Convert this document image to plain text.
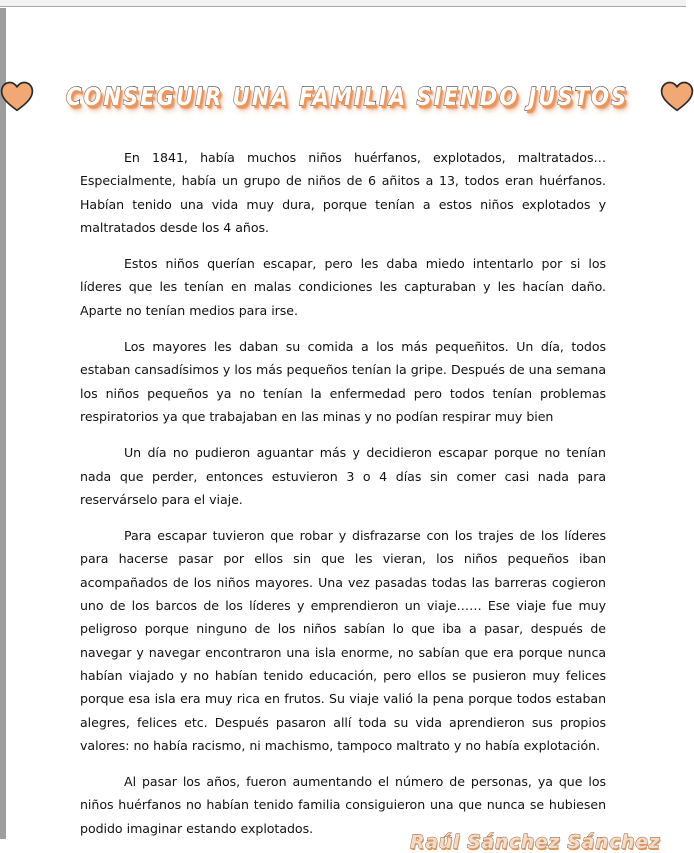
CONSEGUIR UNA FAMILIA SIENDO JUSTOS

En 1841, había muchos niños huérfanos, explotados, maltratados… Especialmente, había un grupo de niños de 6 añitos a 13, todos eran huérfanos. Habían tenido una vida muy dura, porque tenían a estos niños explotados y maltratados desde los 4 años.

Estos niños querían escapar, pero les daba miedo intentarlo por si los líderes que les tenían en malas condiciones les capturaban y les hacían daño. Aparte no tenían medios para irse.

Los mayores les daban su comida a los más pequeñitos. Un día, todos estaban cansadísimos y los más pequeños tenían la gripe. Después de una semana los niños pequeños ya no tenían la enfermedad pero todos tenían problemas respiratorios ya que trabajaban en las minas y no podían respirar muy bien

Un día no pudieron aguantar más y decidieron escapar porque no tenían nada que perder, entonces estuvieron 3 o 4 días sin comer casi nada para reservárselo para el viaje.

Para escapar tuvieron que robar y disfrazarse con los trajes de los líderes para hacerse pasar por ellos sin que les vieran, los niños pequeños iban acompañados de los niños mayores. Una vez pasadas todas las barreras cogieron uno de los barcos de los líderes y emprendieron un viaje…… Ese viaje fue muy peligroso porque ninguno de los niños sabían lo que iba a pasar, después de navegar y navegar encontraron una isla enorme, no sabían que era porque nunca habían viajado y no habían tenido educación, pero ellos se pusieron muy felices porque esa isla era muy rica en frutos. Su viaje valió la pena porque todos estaban alegres, felices etc. Después pasaron allí toda su vida aprendieron sus propios valores: no había racismo, ni machismo, tampoco maltrato y no había explotación.

Al pasar los años, fueron aumentando el número de personas, ya que los niños huérfanos no habían tenido familia consiguieron una que nunca se hubiesen podido imaginar estando explotados.

Raúl Sánchez Sánchez
